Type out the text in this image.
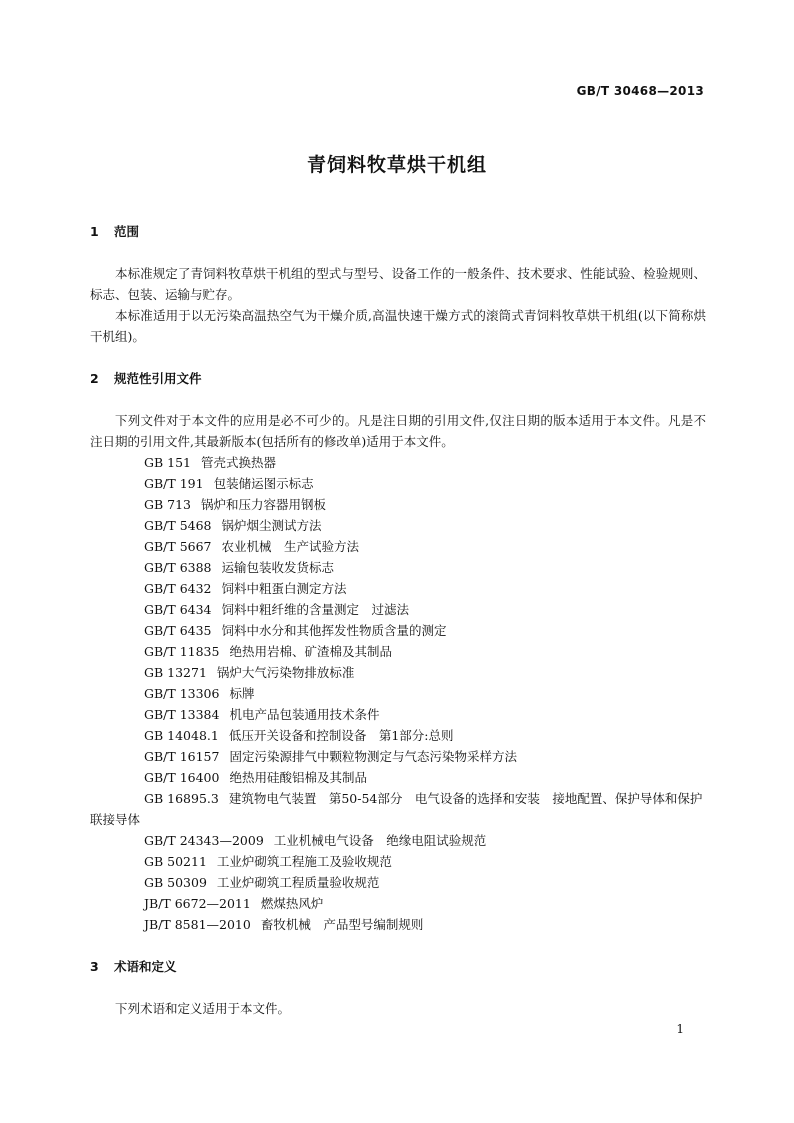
GB/T 30468—2013
青饲料牧草烘干机组
1 范围

本标准规定了青饲料牧草烘干机组的型式与型号、设备工作的一般条件、技术要求、性能试验、检验规则、标志、包装、运输与贮存。

本标准适用于以无污染高温热空气为干燥介质,高温快速干燥方式的滚筒式青饲料牧草烘干机组(以下简称烘干机组)。

2 规范性引用文件

下列文件对于本文件的应用是必不可少的。凡是注日期的引用文件,仅注日期的版本适用于本文件。凡是不注日期的引用文件,其最新版本(包括所有的修改单)适用于本文件。

GB 151 管壳式换热器
GB/T 191 包装储运图示标志
GB 713 锅炉和压力容器用钢板
GB/T 5468 锅炉烟尘测试方法
GB/T 5667 农业机械　生产试验方法
GB/T 6388 运输包装收发货标志
GB/T 6432 饲料中粗蛋白测定方法
GB/T 6434 饲料中粗纤维的含量测定　过滤法
GB/T 6435 饲料中水分和其他挥发性物质含量的测定
GB/T 11835 绝热用岩棉、矿渣棉及其制品
GB 13271 锅炉大气污染物排放标准
GB/T 13306 标牌
GB/T 13384 机电产品包装通用技术条件
GB 14048.1 低压开关设备和控制设备　第1部分:总则
GB/T 16157 固定污染源排气中颗粒物测定与气态污染物采样方法
GB/T 16400 绝热用硅酸铝棉及其制品
GB 16895.3 建筑物电气装置　第50-54部分　电气设备的选择和安装　接地配置、保护导体和保护联接导体
GB/T 24343—2009 工业机械电气设备　绝缘电阻试验规范
GB 50211 工业炉砌筑工程施工及验收规范
GB 50309 工业炉砌筑工程质量验收规范
JB/T 6672—2011 燃煤热风炉
JB/T 8581—2010 畜牧机械　产品型号编制规则
3 术语和定义

下列术语和定义适用于本文件。

1
